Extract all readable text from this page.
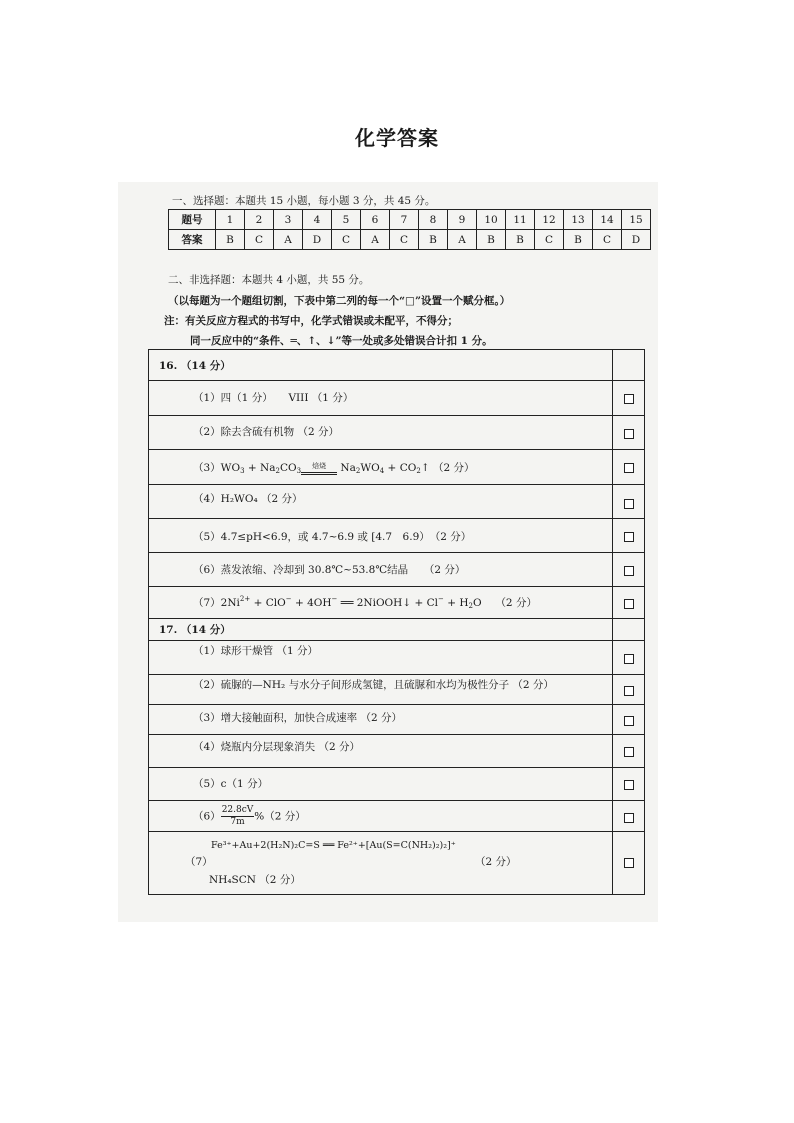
化学答案
一、选择题：本题共 15 小题，每小题 3 分，共 45 分。
题号	1	2	3	4	5	6	7	8	9	10	11	12	13	14	15
答案	B	C	A	D	C	A	C	B	A	B	B	C	B	C	D
二、非选择题：本题共 4 小题，共 55 分。
（以每题为一个题组切割，下表中第二列的每一个“□”设置一个赋分框。）
注：有关反应方程式的书写中，化学式错误或未配平，不得分；
同一反应中的“条件、═、↑、↓”等一处或多处错误合计扣 1 分。
16. （14 分）
（1）四（1 分）　　VIII （1 分）
（2）除去含硫有机物 （2 分）
$(3)WO_3 + Na_2CO_3$焙烧 $Na_2WO_4$ + $CO_2↑$ （2 分）
（4）H₂WO₄ （2 分）
（5）4.7≤pH<6.9，或 4.7~6.9 或 [4.7　6.9）　（2 分）
（6）蒸发浓缩、冷却到 30.8℃~53.8℃结晶　　（2 分）
$(7)2Ni^{2+} + ClO^- + 4OH^-$ ══ 2NiOOH↓ + $Cl^- + H_2O$　 （2 分）
17. （14 分）
（1）球形干燥管 （1 分）
（2）硫脲的—NH₂ 与水分子间形成氢键，且硫脲和水均为极性分子 （2 分）
（3）增大接触面积，加快合成速率 （2 分）
（4）烧瓶内分层现象消失 （2 分）
（5）c（1 分）
$(6) \frac{22.8cV}{7m} \%(2$ 分）
（7）
Fe³⁺+Au+2(H₂N)₂C=S ══ Fe²⁺+[Au(S=C(NH₂)₂)₂]⁺
（2 分）
NH₄SCN （2 分）
